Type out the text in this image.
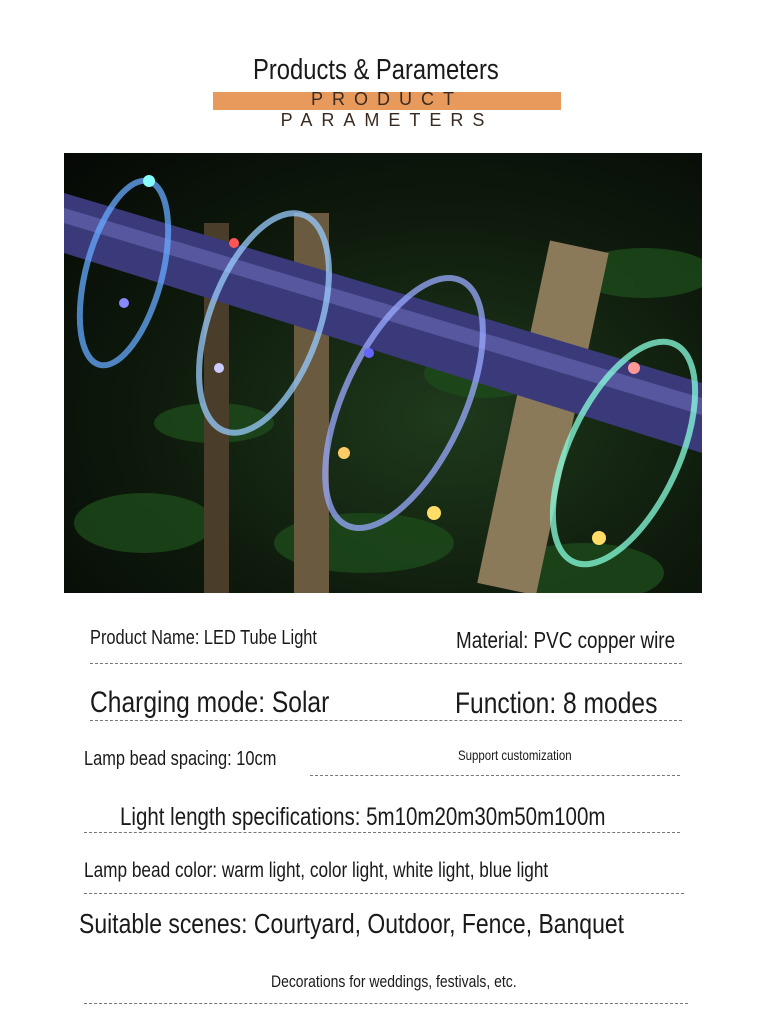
Products & Parameters
PRODUCT PARAMETERS
Product Name: LED Tube Light	Material: PVC copper wire
Charging mode: Solar	Function: 8 modes
Lamp bead spacing: 10cm	Support customization
Light length specifications: 5m10m20m30m50m100m
Lamp bead color: warm light, color light, white light, blue light
Suitable scenes: Courtyard, Outdoor, Fence, Banquet
Decorations for weddings, festivals, etc.
